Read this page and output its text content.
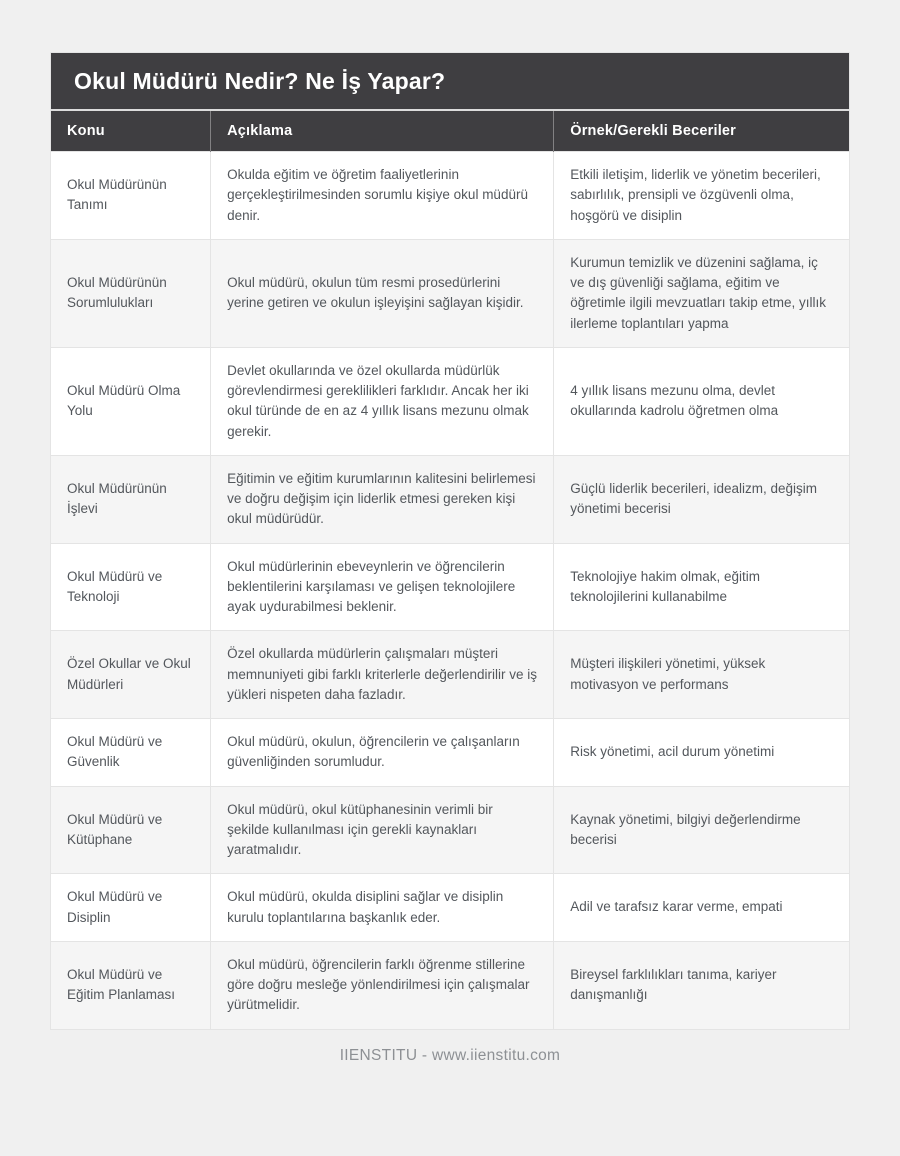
Okul Müdürü Nedir? Ne İş Yapar?
Konu	Açıklama	Örnek/Gerekli Beceriler
Okul Müdürünün Tanımı	Okulda eğitim ve öğretim faaliyetlerinin gerçekleştirilmesinden sorumlu kişiye okul müdürü denir.	Etkili iletişim, liderlik ve yönetim becerileri, sabırlılık, prensipli ve özgüvenli olma, hoşgörü ve disiplin
Okul Müdürünün Sorumlulukları	Okul müdürü, okulun tüm resmi prosedürlerini yerine getiren ve okulun işleyişini sağlayan kişidir.	Kurumun temizlik ve düzenini sağlama, iç ve dış güvenliği sağlama, eğitim ve öğretimle ilgili mevzuatları takip etme, yıllık ilerleme toplantıları yapma
Okul Müdürü Olma Yolu	Devlet okullarında ve özel okullarda müdürlük görevlendirmesi gereklilikleri farklıdır. Ancak her iki okul türünde de en az 4 yıllık lisans mezunu olmak gerekir.	4 yıllık lisans mezunu olma, devlet okullarında kadrolu öğretmen olma
Okul Müdürünün İşlevi	Eğitimin ve eğitim kurumlarının kalitesini belirlemesi ve doğru değişim için liderlik etmesi gereken kişi okul müdürüdür.	Güçlü liderlik becerileri, idealizm, değişim yönetimi becerisi
Okul Müdürü ve Teknoloji	Okul müdürlerinin ebeveynlerin ve öğrencilerin beklentilerini karşılaması ve gelişen teknolojilere ayak uydurabilmesi beklenir.	Teknolojiye hakim olmak, eğitim teknolojilerini kullanabilme
Özel Okullar ve Okul Müdürleri	Özel okullarda müdürlerin çalışmaları müşteri memnuniyeti gibi farklı kriterlerle değerlendirilir ve iş yükleri nispeten daha fazladır.	Müşteri ilişkileri yönetimi, yüksek motivasyon ve performans
Okul Müdürü ve Güvenlik	Okul müdürü, okulun, öğrencilerin ve çalışanların güvenliğinden sorumludur.	Risk yönetimi, acil durum yönetimi
Okul Müdürü ve Kütüphane	Okul müdürü, okul kütüphanesinin verimli bir şekilde kullanılması için gerekli kaynakları yaratmalıdır.	Kaynak yönetimi, bilgiyi değerlendirme becerisi
Okul Müdürü ve Disiplin	Okul müdürü, okulda disiplini sağlar ve disiplin kurulu toplantılarına başkanlık eder.	Adil ve tarafsız karar verme, empati
Okul Müdürü ve Eğitim Planlaması	Okul müdürü, öğrencilerin farklı öğrenme stillerine göre doğru mesleğe yönlendirilmesi için çalışmalar yürütmelidir.	Bireysel farklılıkları tanıma, kariyer danışmanlığı
IIENSTITU - www.iienstitu.com
